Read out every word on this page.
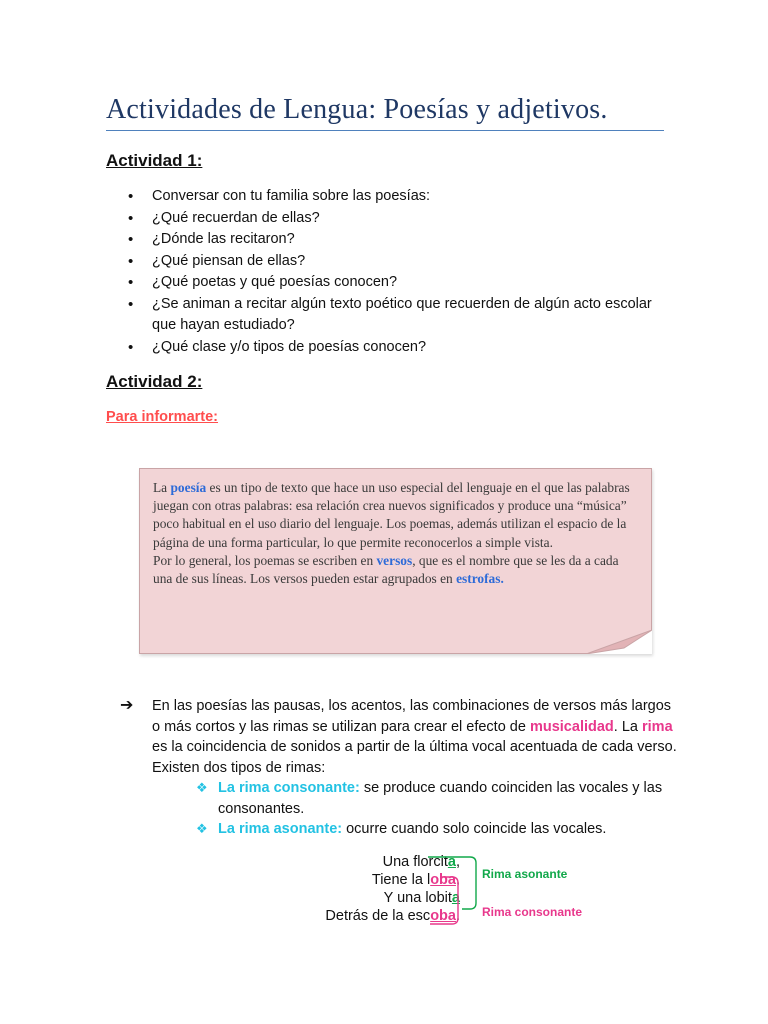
Actividades de Lengua: Poesías y adjetivos.
Actividad 1:
• Conversar con tu familia sobre las poesías:
• ¿Qué recuerdan de ellas?
• ¿Dónde las recitaron?
• ¿Qué piensan de ellas?
• ¿Qué poetas y qué poesías conocen?
• ¿Se animan a recitar algún texto poético que recuerden de algún acto escolar que hayan estudiado?
• ¿Qué clase y/o tipos de poesías conocen?
Actividad 2:
Para informarte:
La poesía es un tipo de texto que hace un uso especial del lenguaje en el que las palabras juegan con otras palabras: esa relación crea nuevos significados y produce una “música” poco habitual en el uso diario del lenguaje. Los poemas, además utilizan el espacio de la página de una forma particular, lo que permite reconocerlos a simple vista.
Por lo general, los poemas se escriben en versos, que es el nombre que se les da a cada una de sus líneas. Los versos pueden estar agrupados en estrofas.
➔ En las poesías las pausas, los acentos, las combinaciones de versos más largos o más cortos y las rimas se utilizan para crear el efecto de musicalidad. La rima es la coincidencia de sonidos a partir de la última vocal acentuada de cada verso. Existen dos tipos de rimas:
❖ La rima consonante: se produce cuando coinciden las vocales y las consonantes.
❖ La rima asonante: ocurre cuando solo coincide las vocales.
Una florcita,
Tiene la loba,
Y una lobita
Detrás de la escoba.
Rima asonante
Rima consonante
